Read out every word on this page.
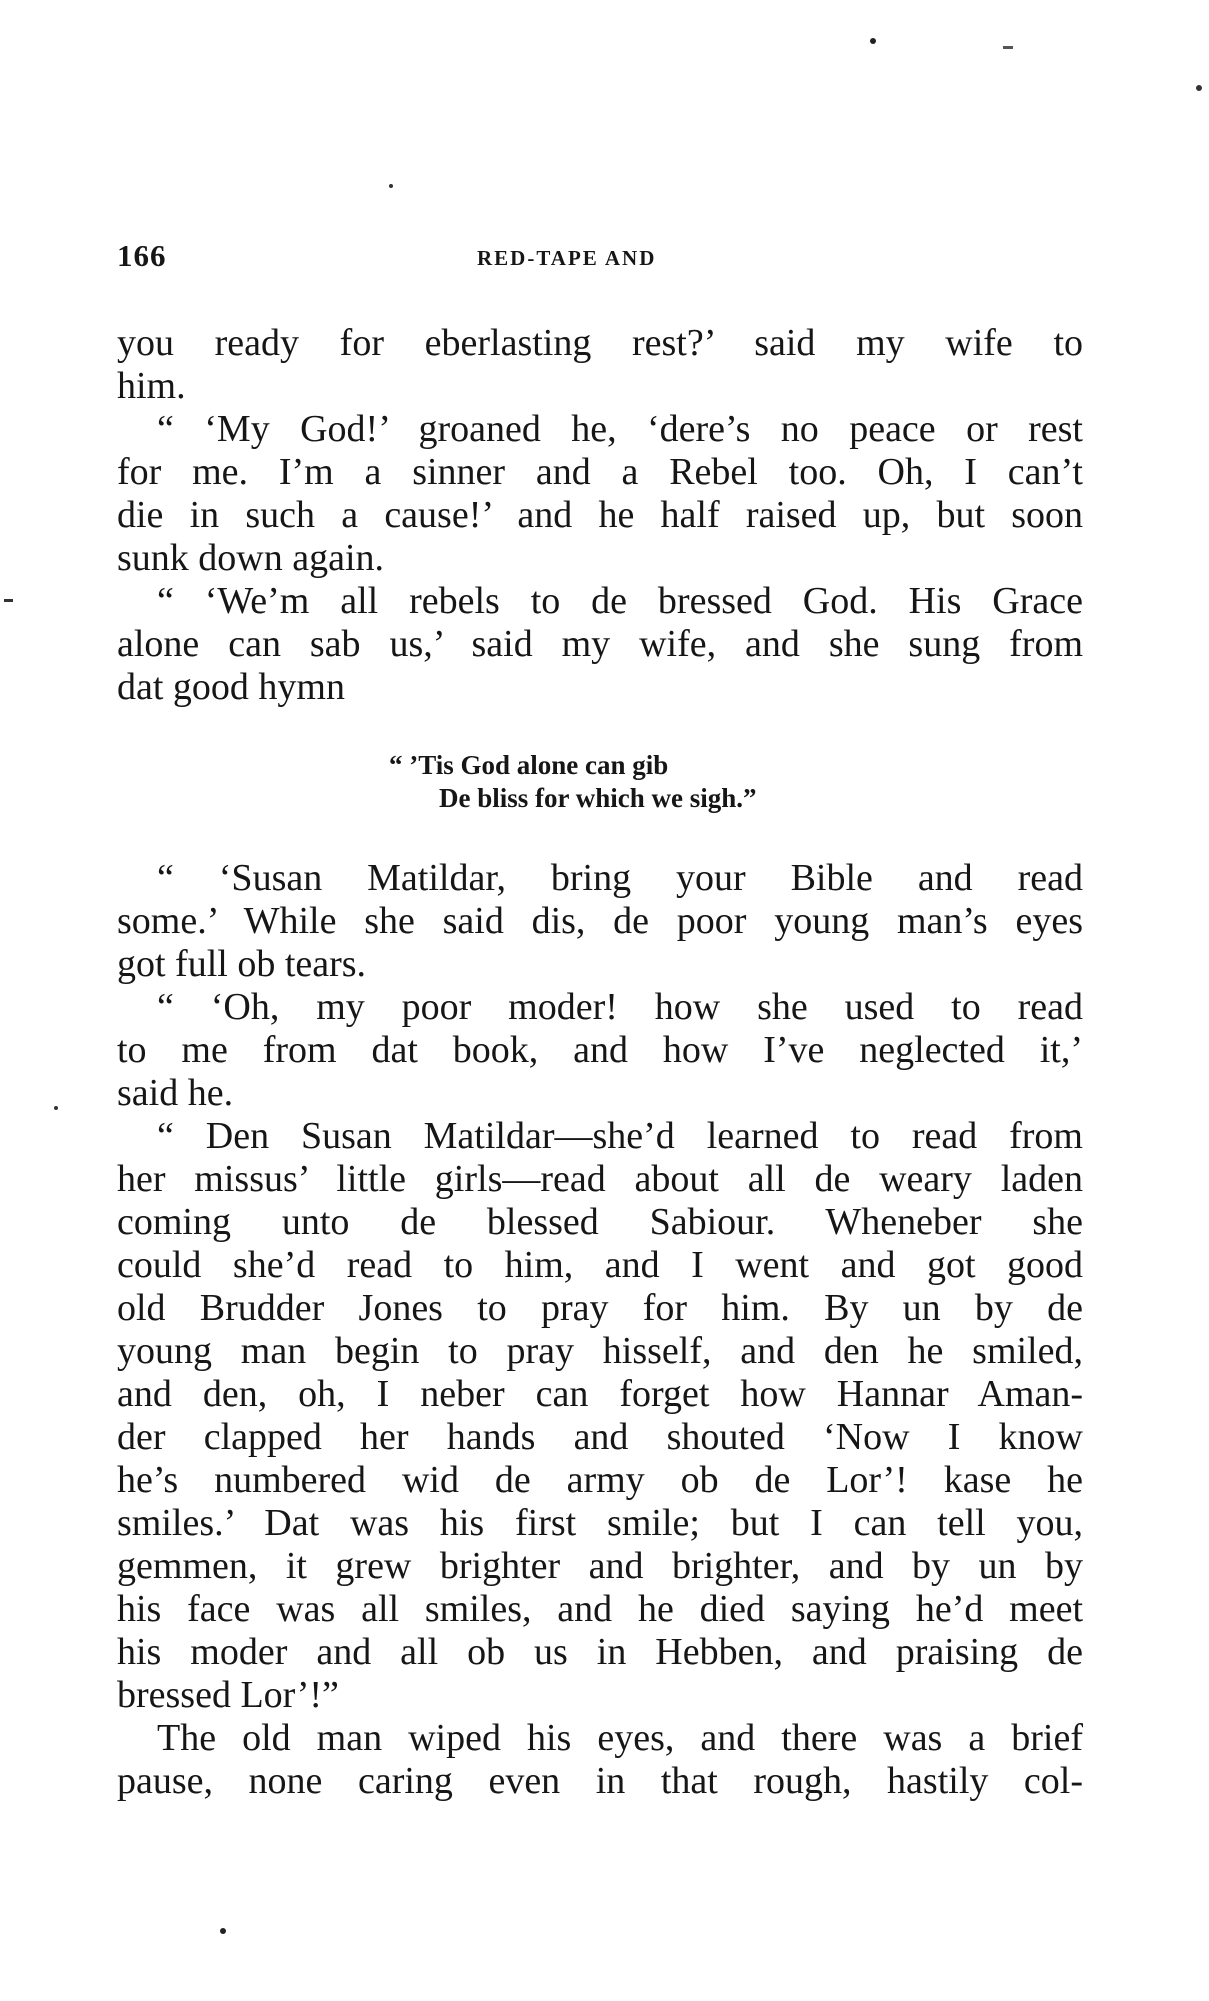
166	RED-TAPE AND
you ready for eberlasting rest?’ said my wife to
him.
“ ‘My God!’ groaned he, ‘dere’s no peace or rest
for me. I’m a sinner and a Rebel too. Oh, I can’t
die in such a cause!’ and he half raised up, but soon
sunk down again.
“ ‘We’m all rebels to de bressed God. His Grace
alone can sab us,’ said my wife, and she sung from
dat good hymn
“ ’Tis God alone can gib
De bliss for which we sigh.”
“ ‘Susan Matildar, bring your Bible and read
some.’ While she said dis, de poor young man’s eyes
got full ob tears.
“ ‘Oh, my poor moder! how she used to read
to me from dat book, and how I’ve neglected it,’
said he.
“ Den Susan Matildar—she’d learned to read from
her missus’ little girls—read about all de weary laden
coming unto de blessed Sabiour. Wheneber she
could she’d read to him, and I went and got good
old Brudder Jones to pray for him. By un by de
young man begin to pray hisself, and den he smiled,
and den, oh, I neber can forget how Hannar Aman-
der clapped her hands and shouted ‘Now I know
he’s numbered wid de army ob de Lor’! kase he
smiles.’ Dat was his first smile; but I can tell you,
gemmen, it grew brighter and brighter, and by un by
his face was all smiles, and he died saying he’d meet
his moder and all ob us in Hebben, and praising de
bressed Lor’!”
The old man wiped his eyes, and there was a brief
pause, none caring even in that rough, hastily col-
